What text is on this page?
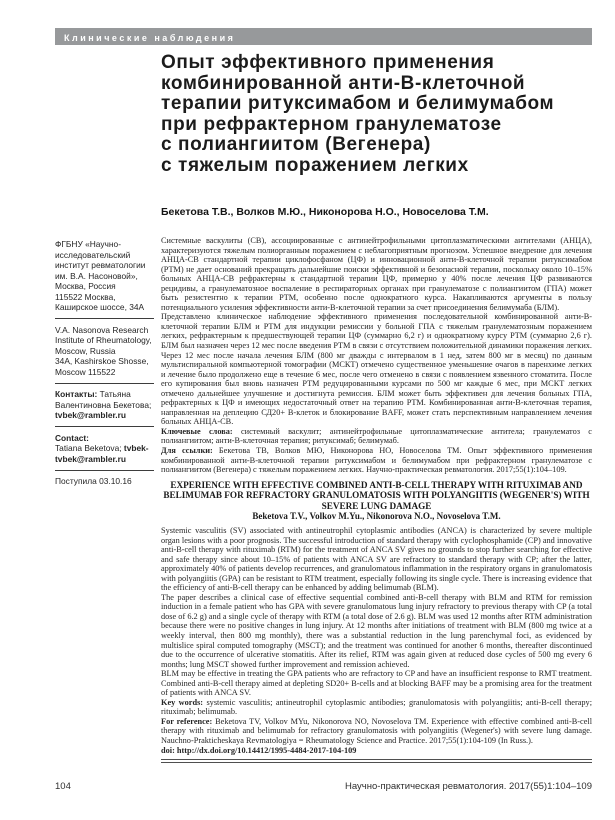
Клинические наблюдения
Опыт эффективного применения
комбинированной анти-В-клеточной
терапии ритуксимабом и белимумабом
при рефрактерном гранулематозе
с полиангиитом (Вегенера)
с тяжелым поражением легких
Бекетова Т.В., Волков М.Ю., Никонорова Н.О., Новоселова Т.М.
ФГБНУ «Научно-исследовательский институт ревматологии им. В.А. Насоновой», Москва, Россия
115522 Москва, Каширское шоссе, 34А
V.A. Nasonova Research Institute of Rheumatology, Moscow, Russia
34A, Kashirskoe Shosse, Moscow 115522
Контакты: Татьяна Валентиновна Бекетова; tvbek@rambler.ru
Contact:
Tatiana Beketova; tvbek-tvbek@rambler.ru
Поступила 03.10.16

Системные васкулиты (СВ), ассоциированные с антинейтрофильными цитоплазматическими антителами (АНЦА), характеризуются тяжелым полиорганным поражением с неблагоприятным прогнозом. Успешное внедрение для лечения АНЦА-СВ стандартной терапии циклофосфаном (ЦФ) и инновационной анти-В-клеточной терапии ритуксимабом (РТМ) не дает оснований прекращать дальнейшие поиски эффективной и безопасной терапии, поскольку около 10–15% больных АНЦА-СВ рефрактерны к стандартной терапии ЦФ, примерно у 40% после лечения ЦФ развиваются рецидивы, а гранулематозное воспаление в респираторных органах при гранулематозе с полиангиитом (ГПА) может быть резистентно к терапии РТМ, особенно после однократного курса. Накапливаются аргументы в пользу потенциального усиления эффективности анти-В-клеточной терапии за счет присоединения белимумаба (БЛМ).

Представлено клиническое наблюдение эффективного применения последовательной комбинированной анти-В-клеточной терапии БЛМ и РТМ для индукции ремиссии у больной ГПА с тяжелым гранулематозным поражением легких, рефрактерным к предшествующей терапии ЦФ (суммарно 6,2 г) и однократному курсу РТМ (суммарно 2,6 г). БЛМ был назначен через 12 мес после введения РТМ в связи с отсутствием положительной динамики поражения легких. Через 12 мес после начала лечения БЛМ (800 мг дважды с интервалом в 1 нед, затем 800 мг в месяц) по данным мультиспиральной компьютерной томографии (МСКТ) отмечено существенное уменьшение очагов в паренхиме легких и лечение было продолжено еще в течение 6 мес, после чего отменено в связи с появлением язвенного стоматита. После его купирования был вновь назначен РТМ редуцированными курсами по 500 мг каждые 6 мес, при МСКТ легких отмечено дальнейшее улучшение и достигнута ремиссия. БЛМ может быть эффективен для лечения больных ГПА, рефрактерных к ЦФ и имеющих недостаточный ответ на терапию РТМ. Комбинированная анти-В-клеточная терапия, направленная на деплецию СД20+ В-клеток и блокирование BAFF, может стать перспективным направлением лечения больных АНЦА-СВ.

Ключевые слова: системный васкулит; антинейтрофильные цитоплазматические антитела; гранулематоз с полиангиитом; анти-В-клеточная терапия; ритуксимаб; белимумаб.

Для ссылки: Бекетова ТВ, Волков МЮ, Никонорова НО, Новоселова ТМ. Опыт эффективного применения комбинированной анти-В-клеточной терапии ритуксимабом и белимумабом при рефрактерном гранулематозе с полиангиитом (Вегенера) с тяжелым поражением легких. Научно-практическая ревматология. 2017;55(1):104–109.

EXPERIENCE WITH EFFECTIVE COMBINED ANTI-B-CELL THERAPY WITH RITUXIMAB AND BELIMUMAB FOR REFRACTORY GRANULOMATOSIS WITH POLYANGIITIS (WEGENER'S) WITH SEVERE LUNG DAMAGE
Beketova T.V., Volkov M.Yu., Nikonorova N.O., Novoselova T.M.

Systemic vasculitis (SV) associated with antineutrophil cytoplasmic antibodies (ANCA) is characterized by severe multiple organ lesions with a poor prognosis. The successful introduction of standard therapy with cyclophosphamide (CP) and innovative anti-B-cell therapy with rituximab (RTM) for the treatment of ANCA SV gives no grounds to stop further searching for effective and safe therapy since about 10–15% of patients with ANCA SV are refractory to standard therapy with CP; after the latter, approximately 40% of patients develop recurrences, and granulomatous inflammation in the respiratory organs in granulomatosis with polyangiitis (GPA) can be resistant to RTM treatment, especially following its single cycle. There is increasing evidence that the efficiency of anti-B-cell therapy can be enhanced by adding belimumab (BLM).

The paper describes a clinical case of effective sequential combined anti-B-cell therapy with BLM and RTM for remission induction in a female patient who has GPA with severe granulomatous lung injury refractory to previous therapy with CP (a total dose of 6.2 g) and a single cycle of therapy with RTM (a total dose of 2.6 g). BLM was used 12 months after RTM administration because there were no positive changes in lung injury. At 12 months after initiations of treatment with BLM (800 mg twice at a weekly interval, then 800 mg monthly), there was a substantial reduction in the lung parenchymal foci, as evidenced by multislice spiral computed tomography (MSCT); and the treatment was continued for another 6 months, thereafter discontinued due to the occurrence of ulcerative stomatitis. After its relief, RTM was again given at reduced dose cycles of 500 mg every 6 months; lung MSCT showed further improvement and remission achieved.

BLM may be effective in treating the GPA patients who are refractory to CP and have an insufficient response to RMT treatment. Combined anti-B-cell therapy aimed at depleting SD20+ B-cells and at blocking BAFF may be a promising area for the treatment of patients with ANCA SV.

Key words: systemic vasculitis; antineutrophil cytoplasmic antibodies; granulomatosis with polyangiitis; anti-B-cell therapy; rituximab; belimumab.

For reference: Beketova TV, Volkov MYu, Nikonorova NO, Novoselova TM. Experience with effective combined anti-B-cell therapy with rituximab and belimumab for refractory granulomatosis with polyangiitis (Wegener's) with severe lung damage. Nauchno-Prakticheskaya Revmatologiya = Rheumatology Science and Practice. 2017;55(1):104-109 (In Russ.).

doi: http://dx.doi.org/10.14412/1995-4484-2017-104-109
104	Научно-практическая ревматология. 2017(55)1:104–109
